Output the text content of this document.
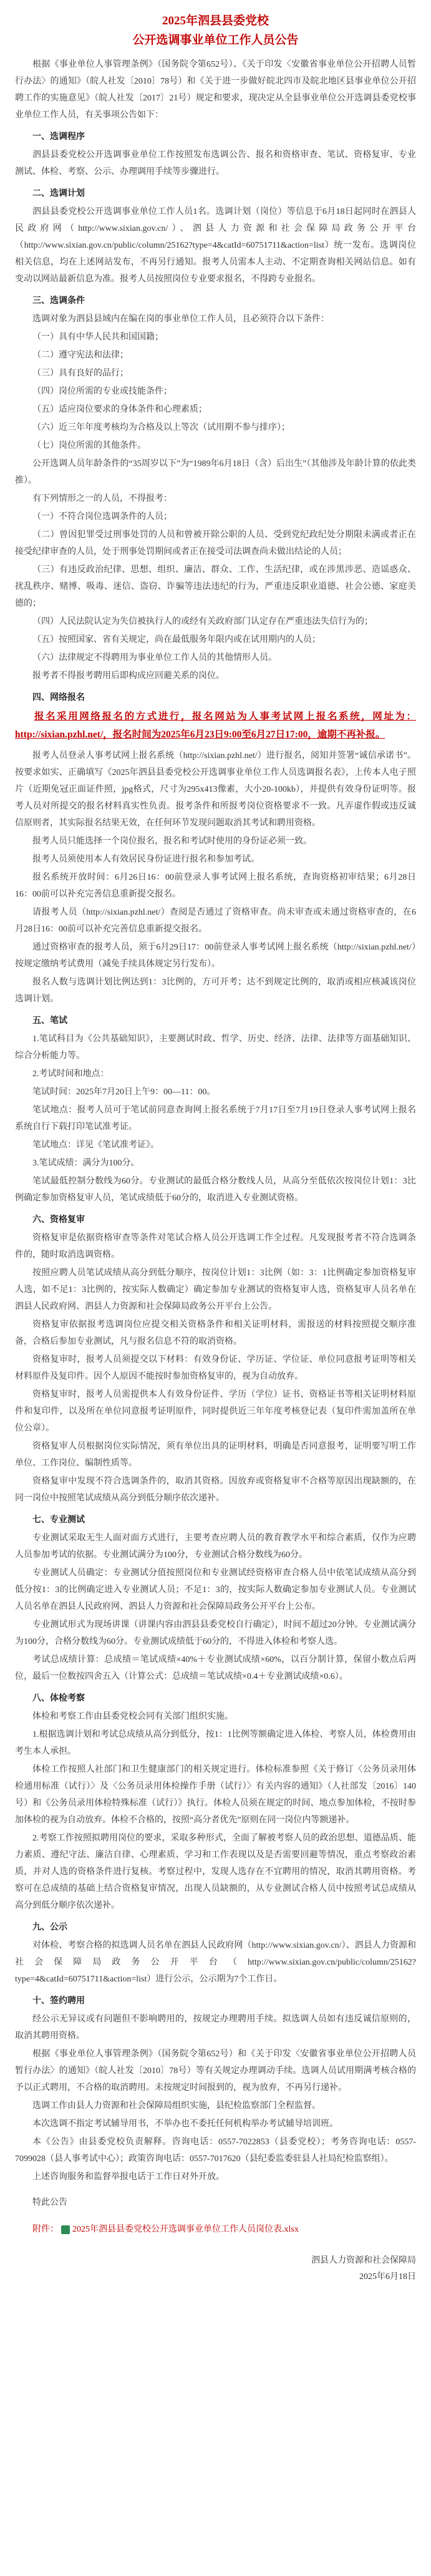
2025年泗县县委党校
公开选调事业单位工作人员公告

根据《事业单位人事管理条例》（国务院令第652号）、《关于印发〈安徽省事业单位公开招聘人员暂行办法〉的通知》（皖人社发〔2010〕78号）和《关于进一步做好皖北四市及皖北地区县事业单位公开招聘工作的实施意见》（皖人社发〔2017〕21号）规定和要求，现决定从全县事业单位公开选调县委党校事业单位工作人员，有关事项公告如下：

一、选调程序

泗县县委党校公开选调事业单位工作按照发布选调公告、报名和资格审查、笔试、资格复审、专业测试、体检、考察、公示、办理调用手续等步骤进行。

二、选调计划

泗县县委党校公开选调事业单位工作人员1名。选调计划（岗位）等信息于6月18日起同时在泗县人民政府网（http://www.sixian.gov.cn/）、泗县人力资源和社会保障局政务公开平台（http://www.sixian.gov.cn/public/column/25162?type=4&catId=60751711&action=list）统一发布。选调岗位相关信息，均在上述网站发布，不再另行通知。报考人员需本人主动、不定期查询相关网站信息。如有变动以网站最新信息为准。报考人员按照岗位专业要求报名，不得跨专业报名。

三、选调条件

选调对象为泗县县域内在编在岗的事业单位工作人员，且必须符合以下条件：

（一）具有中华人民共和国国籍；

（二）遵守宪法和法律；

（三）具有良好的品行；

（四）岗位所需的专业或技能条件；

（五）适应岗位要求的身体条件和心理素质；

（六）近三年年度考核均为合格及以上等次（试用期不参与排序）；

（七）岗位所需的其他条件。

公开选调人员年龄条件的“35周岁以下”为“1989年6月18日（含）后出生”（其他涉及年龄计算的依此类推）。

有下列情形之一的人员，不得报考：

（一）不符合岗位选调条件的人员；

（二）曾因犯罪受过刑事处罚的人员和曾被开除公职的人员、受到党纪政纪处分期限未满或者正在接受纪律审查的人员，处于刑事处罚期间或者正在接受司法调查尚未做出结论的人员；

（三）有违反政治纪律、思想、组织、廉洁、群众、工作、生活纪律，或在涉黑涉恶、造谣惑众、扰乱秩序、赌博、吸毒、迷信、盗窃、诈骗等违法违纪的行为，严重违反职业道德、社会公德、家庭美德的；

（四）人民法院认定为失信被执行人的或经有关政府部门认定存在严重违法失信行为的；

（五）按照国家、省有关规定，尚在最低服务年限内或在试用期内的人员；

（六）法律规定不得聘用为事业单位工作人员的其他情形人员。

报考者不得报考聘用后即构成应回避关系的岗位。

四、网络报名

报名采用网络报名的方式进行，报名网站为人事考试网上报名系统，网址为：http://sixian.pzhl.net/，报名时间为2025年6月23日9:00至6月27日17:00，逾期不再补报。

报考人员登录人事考试网上报名系统（http://sixian.pzhl.net/）进行报名，阅知并签署“诚信承诺书”。按要求如实、正确填写《2025年泗县县委党校公开选调事业单位工作人员选调报名表》，上传本人电子照片（近期免冠正面证件照，jpg格式，尺寸为295x413像素，大小20-100kb），并提供有效身份证明等。报考人员对所提交的报名材料真实性负责。报考条件和所报考岗位资格要求不一致。凡弄虚作假或违反诚信原则者，其实际报名结果无效，在任何环节发现问题取消其考试和聘用资格。

报考人员只能选择一个岗位报名，报名和考试时使用的身份证必须一致。

报考人员须使用本人有效居民身份证进行报名和参加考试。

报名系统开放时间：6月26日16：00前登录人事考试网上报名系统，查询资格初审结果；6月28日16：00前可以补充完善信息重新提交报名。

请报考人员（http://sixian.pzhl.net/）查阅是否通过了资格审查。尚未审查或未通过资格审查的，在6月28日16：00前可以补充完善信息重新提交报名。

通过资格审查的报考人员，须于6月29日17：00前登录人事考试网上报名系统（http://sixian.pzhl.net/）按规定缴纳考试费用（减免手续具体规定另行发布）。

报名人数与选调计划比例达到1：3比例的，方可开考；达不到规定比例的，取消或相应核减该岗位选调计划。

五、笔试

1.笔试科目为《公共基础知识》，主要测试时政、哲学、历史、经济、法律、法律等方面基础知识、综合分析能力等。

2.考试时间和地点：

笔试时间：2025年7月20日上午9：00—11：00。

笔试地点：报考人员可于笔试前同意查询网上报名系统于7月17日至7月19日登录人事考试网上报名系统自行下载打印笔试准考证。

笔试地点：详见《笔试准考证》。

3.笔试成绩：满分为100分。

笔试最低控制分数线为60分。专业测试的最低合格分数线人员，从高分至低依次按岗位计划1：3比例确定参加资格复审人员，笔试成绩低于60分的，取消进入专业测试资格。

六、资格复审

资格复审是依据资格审查等条件对笔试合格人员公开选调工作全过程。凡发现报考者不符合选调条件的，随时取消选调资格。

按照应聘人员笔试成绩从高分到低分顺序，按岗位计划1：3比例（如：3：1比例确定参加资格复审人选，如不足1：3比例的，按实际人数确定）确定参加专业测试的资格复审人选，资格复审人员名单在泗县人民政府网、泗县人力资源和社会保障局政务公开平台上公告。

资格复审依据报考选调岗位应提交相关资格条件和相关证明材料，需报送的材料按照提交顺序准备，合格后参加专业测试，凡与报名信息不符的取消资格。

资格复审时，报考人员须提交以下材料：有效身份证、学历证、学位证、单位同意报考证明等相关材料原件及复印件。因个人原因不能按时参加资格复审的，视为自动放弃。

资格复审时，报考人员需提供本人有效身份证件、学历（学位）证书、资格证书等相关证明材料原件和复印件，以及所在单位同意报考证明原件，同时提供近三年年度考核登记表（复印件需加盖所在单位公章）。

资格复审人员根据岗位实际情况，须有单位出具的证明材料，明确是否同意报考，证明要写明工作单位、工作岗位、编制性质等。

资格复审中发现不符合选调条件的，取消其资格。因放弃或资格复审不合格等原因出现缺额的，在同一岗位中按照笔试成绩从高分到低分顺序依次递补。

七、专业测试

专业测试采取无生人面对面方式进行，主要考查应聘人员的教育教学水平和综合素质，仅作为应聘人员参加考试的依据。专业测试满分为100分，专业测试合格分数线为60分。

专业测试人员确定：专业测试分值按照岗位和专业测试经资格审查合格人员中依笔试成绩从高分到低分按1：3的比例确定进入专业测试人员；不足1：3的，按实际人数确定参加专业测试人员。专业测试人员名单在泗县人民政府网、泗县人力资源和社会保障局政务公开平台上公布。

专业测试形式为现场讲课（讲课内容由泗县县委党校自行确定），时间不超过20分钟。专业测试满分为100分，合格分数线为60分。专业测试成绩低于60分的，不得进入体检和考察人选。

考试总成绩计算：总成绩＝笔试成绩×40%＋专业测试成绩×60%，以百分制计算，保留小数点后两位，最后一位数按四舍五入（计算公式：总成绩＝笔试成绩×0.4＋专业测试成绩×0.6）。

八、体检考察

体检和考察工作由县委党校会同有关部门组织实施。

1.根据选调计划和考试总成绩从高分到低分，按1：1比例等额确定进入体检、考察人员，体检费用由考生本人承担。

体检工作按照人社部门和卫生健康部门的相关规定进行。体检标准参照《关于修订〈公务员录用体检通用标准（试行）〉及〈公务员录用体检操作手册（试行）〉有关内容的通知》（人社部发〔2016〕140号）和《公务员录用体检特殊标准（试行）》执行。体检人员须在规定的时间、地点参加体检，不按时参加体检的视为自动放弃。体检不合格的，按照“高分者优先”原则在同一岗位内等额递补。

2.考察工作按照拟聘用岗位的要求，采取多种形式，全面了解被考察人员的政治思想、道德品质、能力素质、遵纪守法、廉洁自律、心理素质、学习和工作表现以及是否需要回避等情况，重点考察政治素质，并对人选的资格条件进行复核。考察过程中，发现人选存在不宜聘用的情况，取消其聘用资格。考察可在总成绩的基础上结合资格复审情况，出现人员缺额的，从专业测试合格人员中按照考试总成绩从高分到低分顺序依次递补。

九、公示

对体检、考察合格的拟选调人员名单在泗县人民政府网（http://www.sixian.gov.cn/）、泗县人力资源和社会保障局政务公开平台（http://www.sixian.gov.cn/public/column/25162?type=4&catId=60751711&action=list）进行公示，公示期为7个工作日。

十、签约聘用

经公示无异议或有问题但不影响聘用的，按规定办理聘用手续。拟选调人员如有违反诚信原则的，取消其聘用资格。

根据《事业单位人事管理条例》（国务院令第652号）和《关于印发〈安徽省事业单位公开招聘人员暂行办法〉的通知》（皖人社发〔2010〕78号）等有关规定办理调动手续。选调人员试用期满考核合格的予以正式聘用，不合格的取消聘用。未按规定时间报到的，视为放弃，不再另行递补。

选调工作由县人力资源和社会保障局组织实施，县纪检监察部门全程监督。

本次选调不指定考试辅导用书，不举办也不委托任何机构举办考试辅导培训班。

本《公告》由县委党校负责解释。咨询电话：0557-7022853（县委党校）；考务咨询电话：0557-7099028（县人事考试中心）；政策咨询电话：0557-7017620（县纪委监委驻县人社局纪检监察组）。

上述咨询服务和监督举报电话于工作日对外开放。

特此公告

附件： 2025年泗县县委党校公开选调事业单位工作人员岗位表.xlsx

泗县人力资源和社会保障局

2025年6月18日
